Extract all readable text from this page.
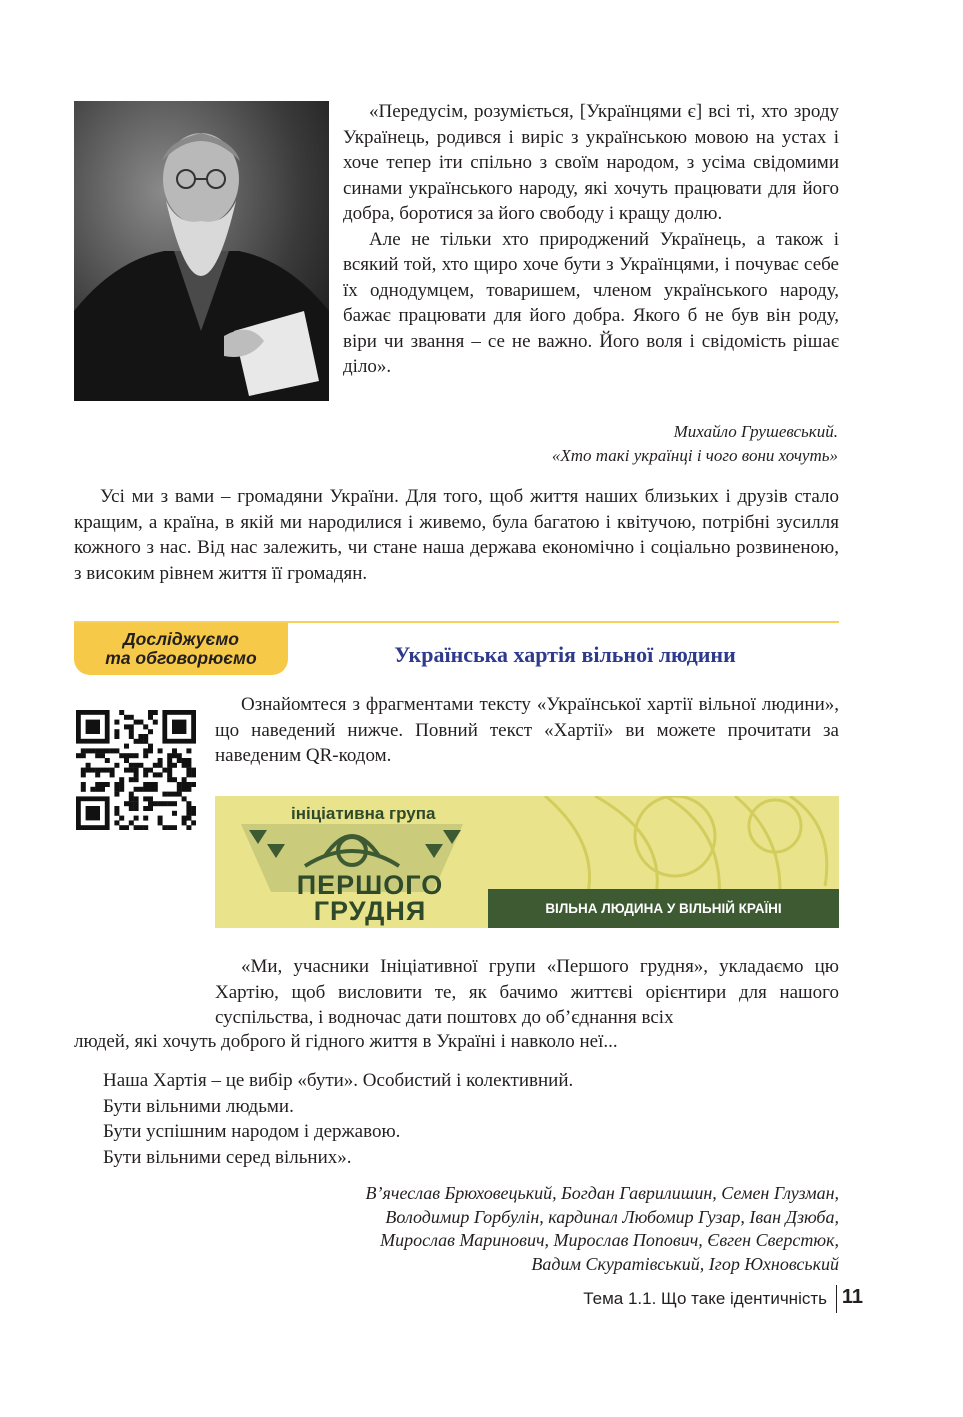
«Передусім, розуміється, [Українцями є] всі ті, хто зроду Українець, родився і виріс з українською мовою на устах і хоче тепер іти спільно з своїм народом, з усіма свідомими синами українського народу, які хочуть працювати для його добра, боротися за його свободу і кращу долю.

Але не тільки хто природжений Українець, а також і всякий той, хто щиро хоче бути з Українцями, і почуває себе їх однодумцем, товаришем, членом українського народу, бажає працювати для його добра. Якого б не був він роду, віри чи звання – се не важно. Його воля і свідомість рішає діло».

Михайло Грушевський.
«Хто такі українці і чого вони хочуть»

Усі ми з вами – громадяни України. Для того, щоб життя наших близьких і друзів стало кращим, а країна, в якій ми народилися і живемо, була багатою і квітучою, потрібні зусилля кожного з нас. Від нас залежить, чи стане наша держава економічно і соціально розвиненою, з високим рівнем життя її громадян.

Досліджуємо
та обговорюємо	Українська хартія вільної людини

Ознайомтеся з фрагментами тексту «Української хартії вільної людини», що наведений нижче. Повний текст «Хартії» ви можете прочитати за наведеним QR-кодом.

ініціативна група
ПЕРШОГО
ГРУДНЯ	ВІЛЬНА ЛЮДИНА У ВІЛЬНІЙ КРАЇНІ

«Ми, учасники Ініціативної групи «Першого грудня», укладаємо цю Хартію, щоб висловити те, як бачимо життєві орієнтири для нашого суспільства, і водночас дати поштовх до об’єднання всіх

людей, які хочуть доброго й гідного життя в Україні і навколо неї...

Наша Хартія – це вибір «бути». Особистий і колективний.
Бути вільними людьми.
Бути успішним народом і державою.
Бути вільними серед вільних».
В’ячеслав Брюховецький, Богдан Гаврилишин, Семен Глузман,
Володимир Горбулін, кардинал Любомир Гузар, Іван Дзюба,
Мирослав Маринович, Мирослав Попович, Євген Сверстюк,
Вадим Скуратівський, Ігор Юхновський
Тема 1.1. Що таке ідентичність 11
